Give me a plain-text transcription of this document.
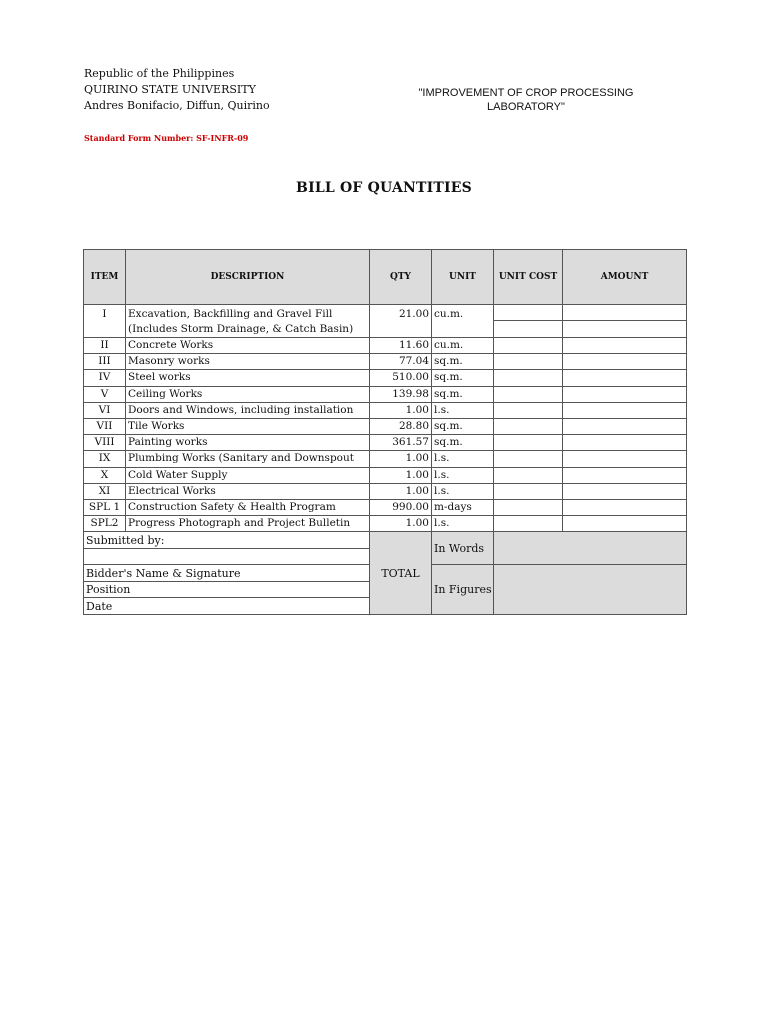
Republic of the Philippines
QUIRINO STATE UNIVERSITY
Andres Bonifacio, Diffun, Quirino
"IMPROVEMENT OF CROP PROCESSING
LABORATORY"
Standard Form Number: SF-INFR-09
BILL OF QUANTITIES
ITEM	DESCRIPTION	QTY	UNIT	UNIT COST	AMOUNT
I	Excavation, Backfilling and Gravel Fill (Includes Storm Drainage, & Catch Basin)	21.00	cu.m.		

II	Concrete Works	11.60	cu.m.		
III	Masonry works	77.04	sq.m.		
IV	Steel works	510.00	sq.m.		
V	Ceiling Works	139.98	sq.m.		
VI	Doors and Windows, including installation	1.00	l.s.		
VII	Tile Works	28.80	sq.m.		
VIII	Painting works	361.57	sq.m.		
IX	Plumbing Works (Sanitary and Downspout	1.00	l.s.		
X	Cold Water Supply	1.00	l.s.		
XI	Electrical Works	1.00	l.s.		
SPL 1	Construction Safety & Health Program	990.00	m-days		
SPL2	Progress Photograph and Project Bulletin	1.00	l.s.		
Submitted by:		TOTAL	In Words		

Bidder's Name & Signature			In Figures		
Position					
Date					
